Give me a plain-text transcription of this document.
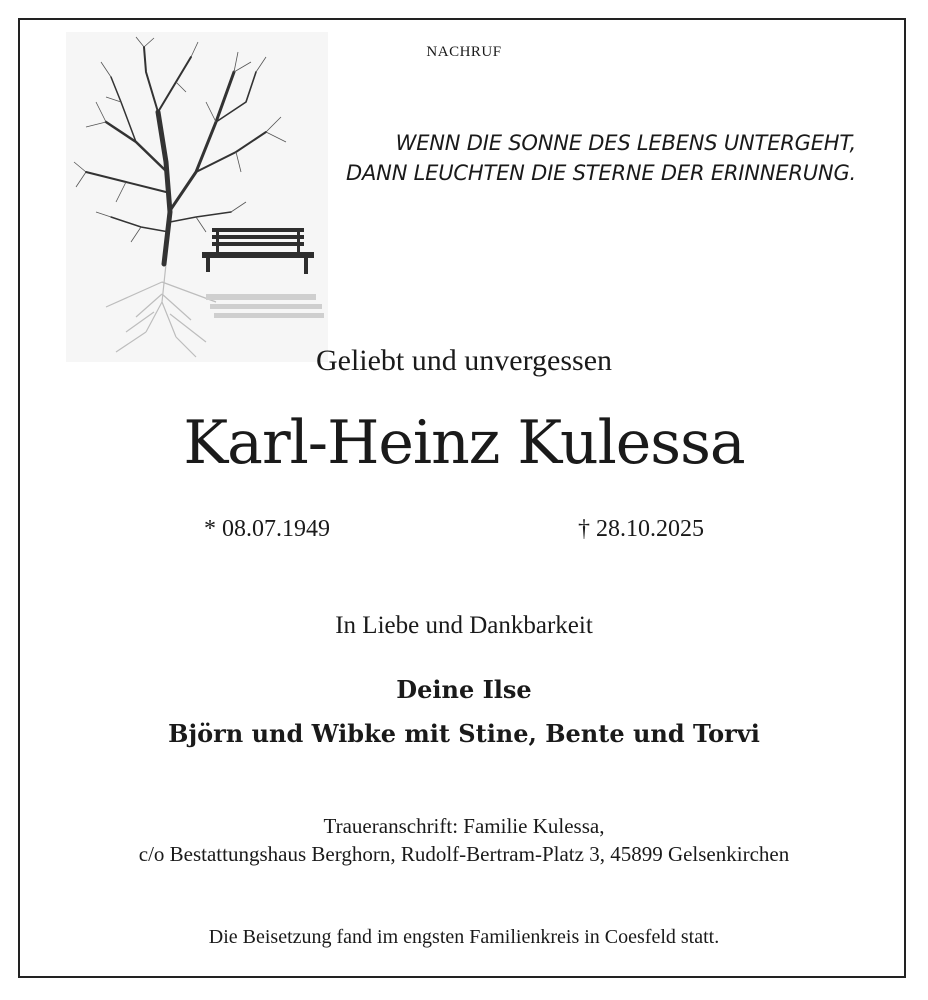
NACHRUF
WENN DIE SONNE DES LEBENS UNTERGEHT,
DANN LEUCHTEN DIE STERNE DER ERINNERUNG.
Geliebt und unvergessen
Karl-Heinz Kulessa
* 08.07.1949	† 28.10.2025
In Liebe und Dankbarkeit
Deine Ilse
Björn und Wibke mit Stine, Bente und Torvi
Traueranschrift: Familie Kulessa,
c/o Bestattungshaus Berghorn, Rudolf-Bertram-Platz 3, 45899 Gelsenkirchen
Die Beisetzung fand im engsten Familienkreis in Coesfeld statt.
